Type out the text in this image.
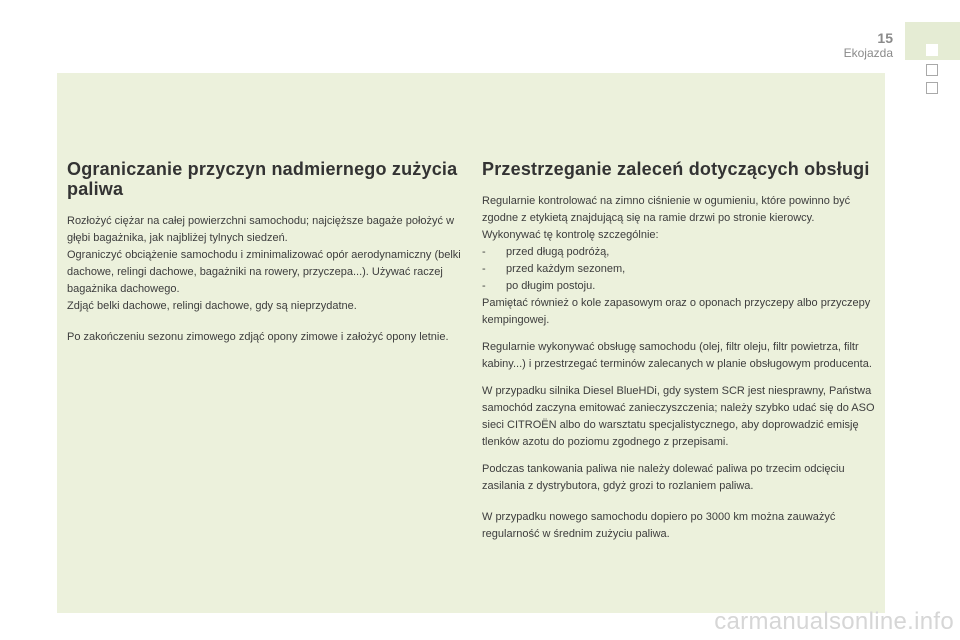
15
Ekojazda
Ograniczanie przyczyn nadmiernego zużycia paliwa

Rozłożyć ciężar na całej powierzchni samochodu; najcięższe bagaże położyć w głębi bagażnika, jak najbliżej tylnych siedzeń.

Ograniczyć obciążenie samochodu i zminimalizować opór aerodynamiczny (belki dachowe, relingi dachowe, bagażniki na rowery, przyczepa...). Używać raczej bagażnika dachowego.

Zdjąć belki dachowe, relingi dachowe, gdy są nieprzydatne.

Po zakończeniu sezonu zimowego zdjąć opony zimowe i założyć opony letnie.

Przestrzeganie zaleceń dotyczących obsługi

Regularnie kontrolować na zimno ciśnienie w ogumieniu, które powinno być zgodne z etykietą znajdującą się na ramie drzwi po stronie kierowcy.

Wykonywać tę kontrolę szczególnie:

-	przed długą podróżą,
-	przed każdym sezonem,
-	po długim postoju.

Pamiętać również o kole zapasowym oraz o oponach przyczepy albo przyczepy kempingowej.

Regularnie wykonywać obsługę samochodu (olej, filtr oleju, filtr powietrza, filtr kabiny...) i przestrzegać terminów zalecanych w planie obsługowym producenta.

W przypadku silnika Diesel BlueHDi, gdy system SCR jest niesprawny, Państwa samochód zaczyna emitować zanieczyszczenia; należy szybko udać się do ASO sieci CITROËN albo do warsztatu specjalistycznego, aby doprowadzić emisję tlenków azotu do poziomu zgodnego z przepisami.

Podczas tankowania paliwa nie należy dolewać paliwa po trzecim odcięciu zasilania z dystrybutora, gdyż grozi to rozlaniem paliwa.

W przypadku nowego samochodu dopiero po 3000 km można zauważyć regularność w średnim zużyciu paliwa.

carmanualsonline.info
